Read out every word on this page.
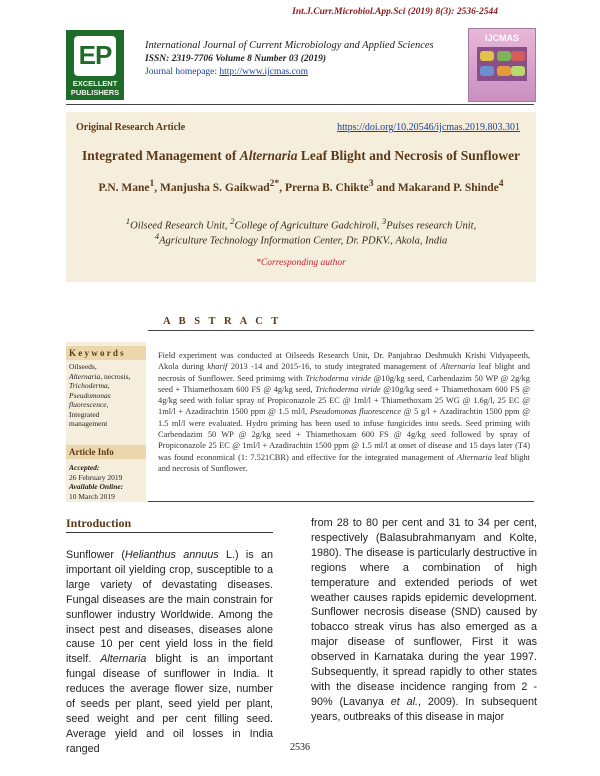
Int.J.Curr.Microbiol.App.Sci (2019) 8(3): 2536-2544
EP
EXCELLENT
PUBLISHERS
International Journal of Current Microbiology and Applied Sciences
ISSN: 2319-7706 Volume 8 Number 03 (2019)
Journal homepage: http://www.ijcmas.com
IJCMAS
Original Research Article	https://doi.org/10.20546/ijcmas.2019.803.301
Integrated Management of Alternaria Leaf Blight and Necrosis of Sunflower
P.N. Mane$^1$, Manjusha S. Gaikwad$^{2*}$, Prerna B. Chikte$^3$ and Makarand P. Shinde$^4$
$^1$Oilseed Research Unit, $^2$College of Agriculture Gadchiroli, $^3$Pulses research Unit,
$^4$Agriculture Technology Information Center, Dr. PDKV., Akola, India
*Corresponding author
A B S T R A C T
K e y w o r d s
Oilseeds,
Alternaria, necrosis,
Trichoderma,
Pseudomonas
fluorescence,
Integrated
management
Article Info
Accepted:
26 February 2019
Available Online:
10 March 2019
Field experiment was conducted at Oilseeds Research Unit, Dr. Panjabrao Deshmukh Krishi Vidyapeeth, Akola during kharif 2013 -14 and 2015-16, to study integrated management of Alternaria leaf blight and necrosis of Sunflower. Seed primimg with Trichoderma viride @10g/kg seed, Carbendazim 50 WP @ 2g/kg seed + Thiamethoxam 600 FS @ 4g/kg seed, Trichoderma viride @10g/kg seed + Thiamethoxam 600 FS @ 4g/kg seed with foliar spray of Propiconazole 25 EC @ 1ml/l + Thiamethoxam 25 WG @ 1.6g/l, 25 EC @ 1ml/l + Azadirachtin 1500 ppm @ 1.5 ml/l, Pseudomonas fluorescence @ 5 g/l + Azadirachtin 1500 ppm @ 1.5 ml/l were evaluated. Hydro priming has been used to infuse fungicides into seeds. Seed priming with Carbendazim 50 WP @ 2g/kg seed + Thiamethoxam 600 FS @ 4g/kg seed followed by spray of Propiconazole 25 EC @ 1ml/l + Azadirachtin 1500 ppm @ 1.5 ml/l at onset of disease and 15 days later (T4) was found economical (1: 7.521CBR) and effective for the integrated management of Alternaria leaf blight and necrosis of Sunflower.
Introduction
Sunflower (Helianthus annuus L.) is an important oil yielding crop, susceptible to a large variety of devastating diseases. Fungal diseases are the main constrain for sunflower industry Worldwide. Among the insect pest and diseases, diseases alone cause 10 per cent yield loss in the field itself. Alternaria blight is an important fungal disease of sunflower in India. It reduces the average flower size, number of seeds per plant, seed yield per plant, seed weight and per cent filling seed. Average yield and oil losses in India ranged
from 28 to 80 per cent and 31 to 34 per cent, respectively (Balasubrahmanyam and Kolte, 1980). The disease is particularly destructive in regions where a combination of high temperature and extended periods of wet weather causes rapids epidemic development. Sunflower necrosis disease (SND) caused by tobacco streak virus has also emerged as a major disease of sunflower, First it was observed in Karnataka during the year 1997. Subsequently, it spread rapidly to other states with the disease incidence ranging from 2 - 90% (Lavanya et al., 2009). In subsequent years, outbreaks of this disease in major
2536
